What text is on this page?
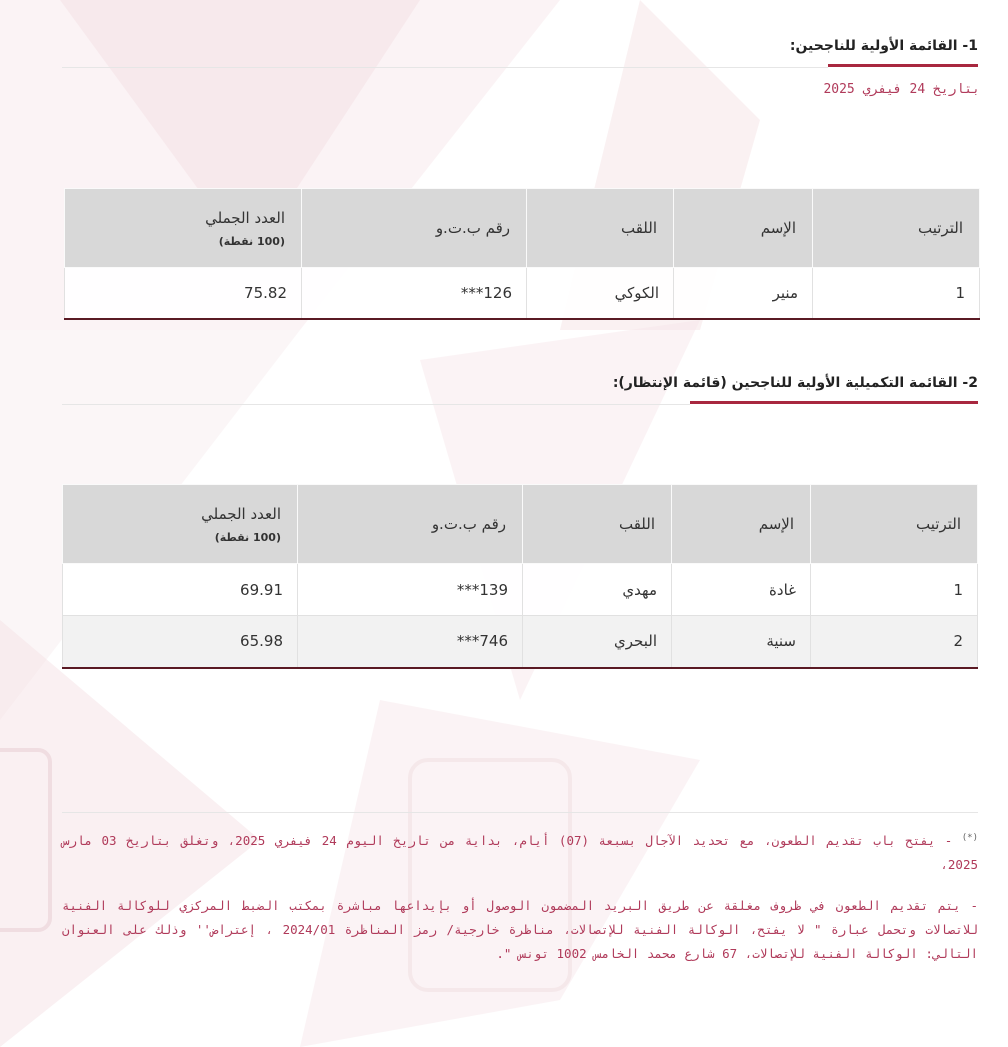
1- القائمة الأولية للناجحين:
بتاريخ 24 فيفري 2025
الترتيب	الإسم	اللقب	رقم ب.ت.و	العدد الجملي
(100 نقطة)

1	منير	الكوكي	126***	75.82
2- القائمة التكميلية الأولية للناجحين (قائمة الإنتظار):
الترتيب	الإسم	اللقب	رقم ب.ت.و	العدد الجملي
(100 نقطة)

1	غادة	مهدي	139***	69.91
2	سنية	البحري	746***	65.98
(*) - يفتح باب تقديم الطعون، مع تحديد الآجال بسبعة (07) أيام، بداية من تاريخ اليوم 24 فيفري 2025، وتغلق بتاريخ 03 مارس 2025،
- يتم تقديم الطعون في ظروف مغلقة عن طريق البريد المضمون الوصول أو بإيداعها مباشرة بمكتب الضبط المركزي للوكالة الفنية للاتصالات وتحمل عبارة " لا يفتح، الوكالة الفنية للإتصالات، مناظرة خارجية/ رمز المناظرة 2024/01 ، إعتراض'' وذلك على العنوان التالي: الوكالة الفنية للإتصالات، 67 شارع محمد الخامس 1002 تونس ".
